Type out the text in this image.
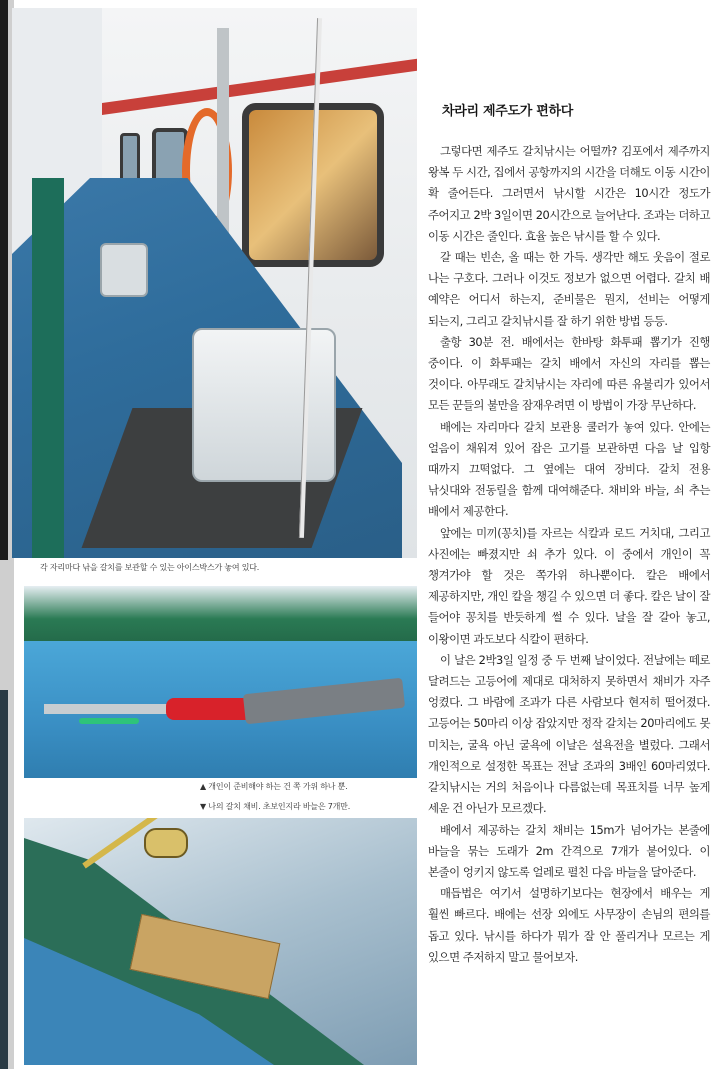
각 자리마다 낚을 갈치를 보관할 수 있는 아이스박스가 놓여 있다.
▲ 개인이 준비해야 하는 건 쪽 가위 하나 뿐.
▼ 나의 갈치 채비. 초보인지라 바늘은 7개만.
차라리 제주도가 편하다

그렇다면 제주도 갈치낚시는 어떨까? 김포에서 제주까지 왕복 두 시간, 집에서 공항까지의 시간을 더해도 이동 시간이 확 줄어든다. 그러면서 낚시할 시간은 10시간 정도가 주어지고 2박 3일이면 20시간으로 늘어난다. 조과는 더하고 이동 시간은 줄인다. 효율 높은 낚시를 할 수 있다.

갈 때는 빈손, 올 때는 한 가득. 생각만 해도 웃음이 절로 나는 구호다. 그러나 이것도 정보가 없으면 어렵다. 갈치 배 예약은 어디서 하는지, 준비물은 뭔지, 선비는 어떻게 되는지, 그리고 갈치낚시를 잘 하기 위한 방법 등등.

출항 30분 전. 배에서는 한바탕 화투패 뽑기가 진행 중이다. 이 화투패는 갈치 배에서 자신의 자리를 뽑는 것이다. 아무래도 갈치낚시는 자리에 따른 유불리가 있어서 모든 꾼들의 불만을 잠재우려면 이 방법이 가장 무난하다.

배에는 자리마다 갈치 보관용 쿨러가 놓여 있다. 안에는 얼음이 채워져 있어 잡은 고기를 보관하면 다음 날 입항 때까지 끄떡없다. 그 옆에는 대여 장비다. 갈치 전용 낚싯대와 전동릴을 함께 대여해준다. 채비와 바늘, 쇠 추는 배에서 제공한다.

앞에는 미끼(꽁치)를 자르는 식칼과 로드 거치대, 그리고 사진에는 빠졌지만 쇠 추가 있다. 이 중에서 개인이 꼭 챙겨가야 할 것은 쪽가위 하나뿐이다. 칼은 배에서 제공하지만, 개인 칼을 챙길 수 있으면 더 좋다. 칼은 날이 잘 들어야 꽁치를 반듯하게 썰 수 있다. 날을 잘 갈아 놓고, 이왕이면 과도보다 식칼이 편하다.

이 날은 2박3일 일정 중 두 번째 날이었다. 전날에는 떼로 달려드는 고등어에 제대로 대처하지 못하면서 채비가 자주 엉켰다. 그 바람에 조과가 다른 사람보다 현저히 떨어졌다. 고등어는 50마리 이상 잡았지만 정작 갈치는 20마리에도 못 미치는, 굴욕 아닌 굴욕에 이날은 설욕전을 별렀다. 그래서 개인적으로 설정한 목표는 전날 조과의 3배인 60마리였다. 갈치낚시는 거의 처음이나 다름없는데 목표치를 너무 높게 세운 건 아닌가 모르겠다.

배에서 제공하는 갈치 채비는 15m가 넘어가는 본줄에 바늘을 묶는 도래가 2m 간격으로 7개가 붙어있다. 이 본줄이 엉키지 않도록 얼레로 펼친 다음 바늘을 달아준다.

매듭법은 여기서 설명하기보다는 현장에서 배우는 게 훨씬 빠르다. 배에는 선장 외에도 사무장이 손님의 편의를 돕고 있다. 낚시를 하다가 뭐가 잘 안 풀리거나 모르는 게 있으면 주저하지 말고 물어보자.
